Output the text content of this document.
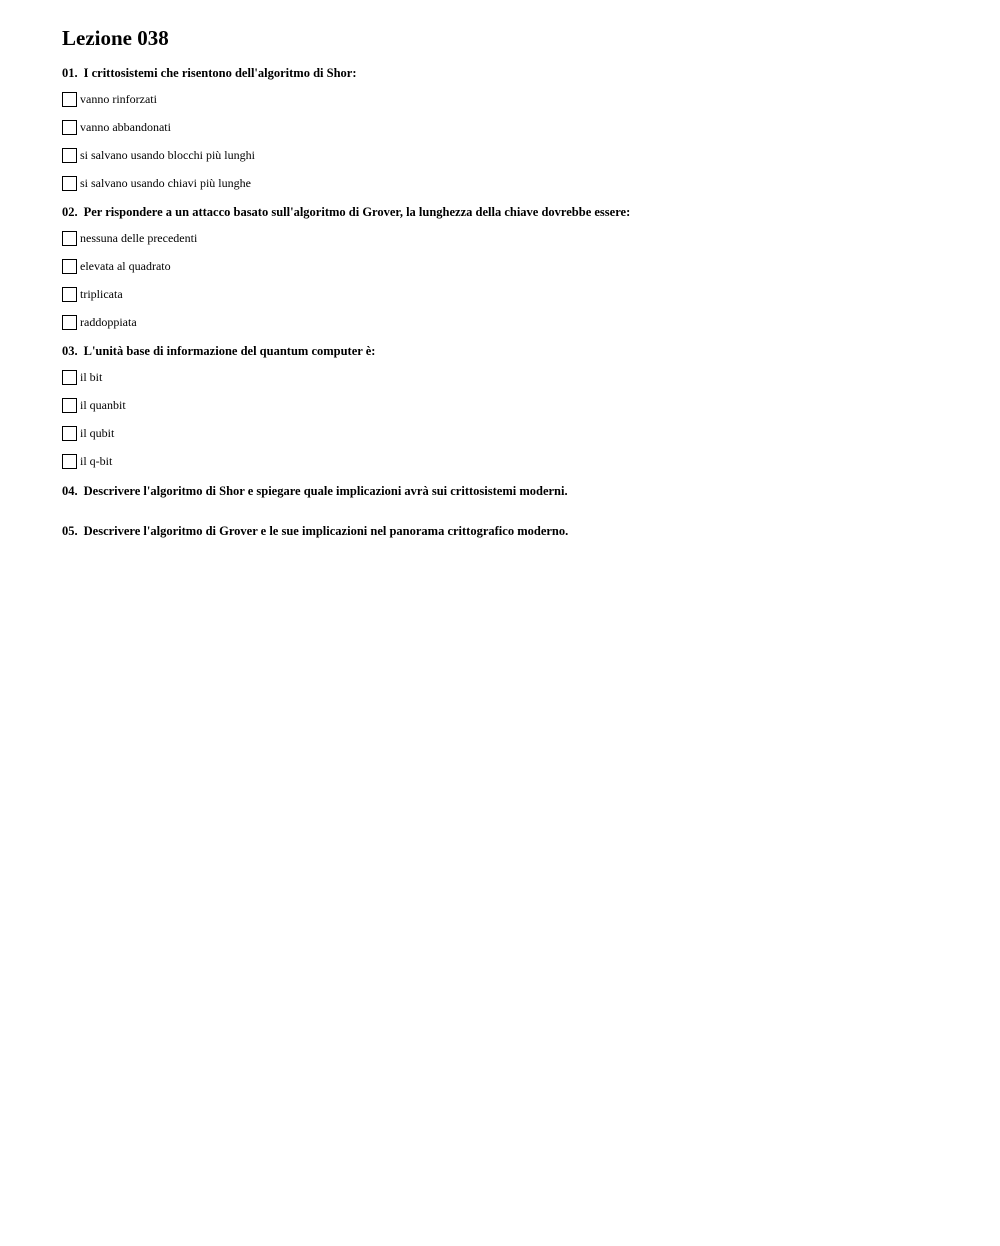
Lezione 038
01. I crittosistemi che risentono dell'algoritmo di Shor:
vanno rinforzati
vanno abbandonati
si salvano usando blocchi più lunghi
si salvano usando chiavi più lunghe
02. Per rispondere a un attacco basato sull'algoritmo di Grover, la lunghezza della chiave dovrebbe essere:
nessuna delle precedenti
elevata al quadrato
triplicata
raddoppiata
03. L'unità base di informazione del quantum computer è:
il bit
il quanbit
il qubit
il q-bit
04. Descrivere l'algoritmo di Shor e spiegare quale implicazioni avrà sui crittosistemi moderni.
05. Descrivere l'algoritmo di Grover e le sue implicazioni nel panorama crittografico moderno.
